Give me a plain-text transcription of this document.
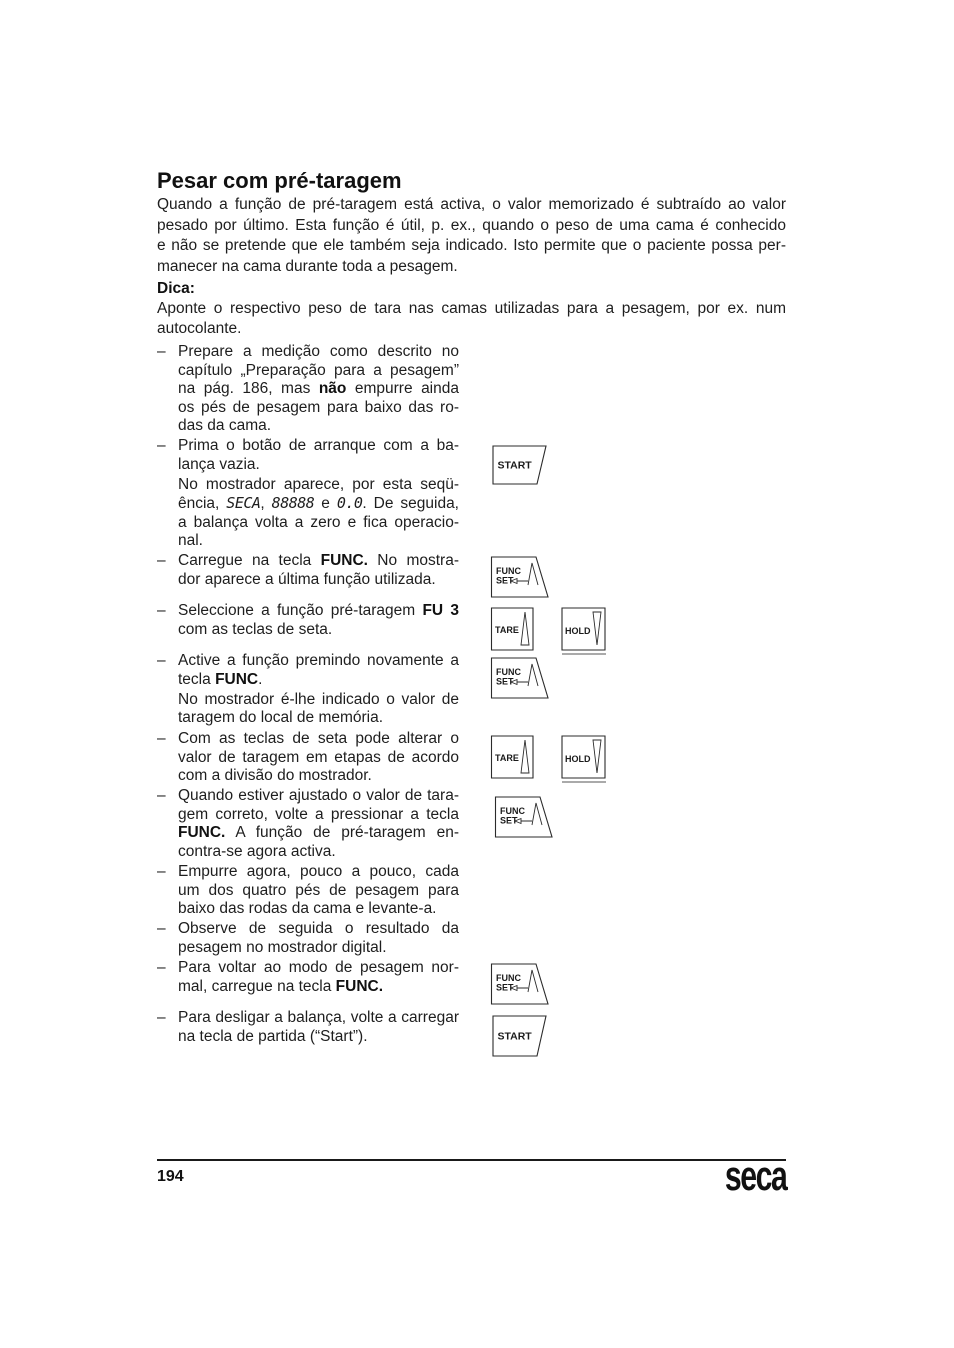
Pesar com pré-taragem
Quando a função de pré-taragem está activa, o valor memorizado é subtraído ao valor
pesado por último. Esta função é útil, p. ex., quando o peso de uma cama é conhecido
e não se pretende que ele também seja indicado. Isto permite que o paciente possa per-
manecer na cama durante toda a pesagem.
Dica:
Aponte o respectivo peso de tara nas camas utilizadas para a pesagem, por ex. num
autocolante.
– Prepare a medição como descrito no
capítulo „Preparação para a pesagem”
na pág. 186, mas não empurre ainda
os pés de pesagem para baixo das ro-
das da cama.
– Prima o botão de arranque com a ba-
lança vazia.
No mostrador aparece, por esta seqü-
ência, SECA, 88888 e 0.0. De seguida,
a balança volta a zero e fica operacio-
nal.
– Carregue na tecla FUNC. No mostra-
dor aparece a última função utilizada.
– Seleccione a função pré-taragem FU 3
com as teclas de seta.
– Active a função premindo novamente a
tecla FUNC.
No mostrador é-lhe indicado o valor de
taragem do local de memória.
– Com as teclas de seta pode alterar o
valor de taragem em etapas de acordo
com a divisão do mostrador.
– Quando estiver ajustado o valor de tara-
gem correto, volte a pressionar a tecla
FUNC. A função de pré-taragem en-
contra-se agora activa.
– Empurre agora, pouco a pouco, cada
um dos quatro pés de pesagem para
baixo das rodas da cama e levante-a.
– Observe de seguida o resultado da
pesagem no mostrador digital.
– Para voltar ao modo de pesagem nor-
mal, carregue na tecla FUNC.
– Para desligar a balança, volte a carregar
na tecla de partida (“Start”).
START
FUNC
SET
TARE	HOLD
FUNC
SET
TARE	HOLD
FUNC
SET
FUNC
SET
START
194	seca
